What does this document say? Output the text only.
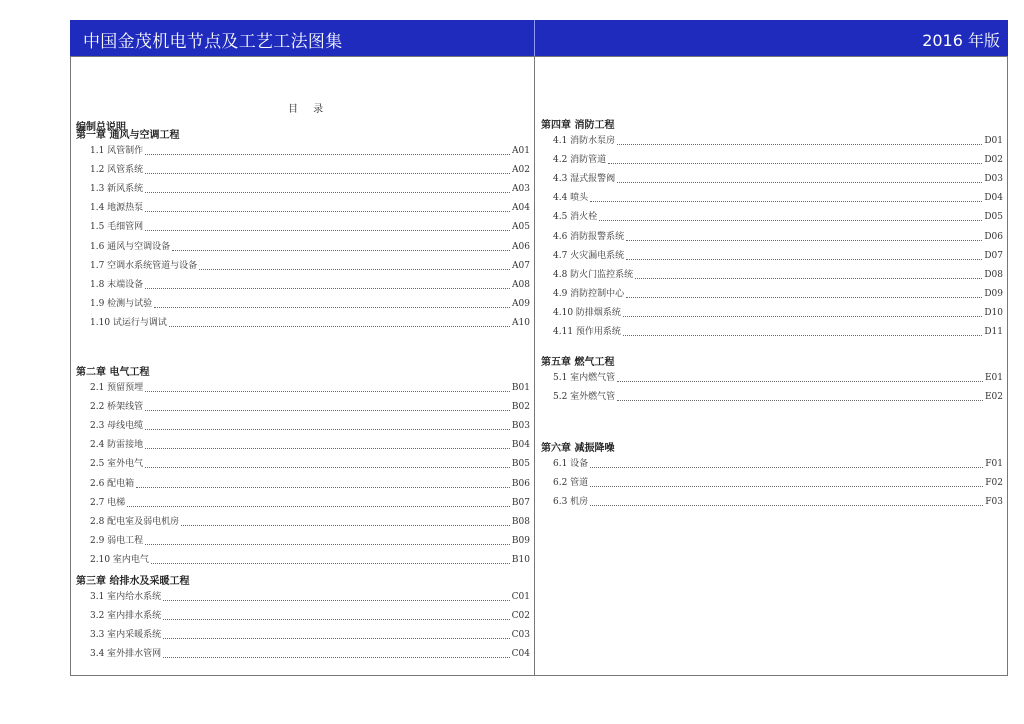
中国金茂机电节点及工艺工法图集	2016 年版
目 录
编制总说明
第一章 通风与空调工程
1.1 风管制作	A01
1.2 风管系统	A02
1.3 新风系统	A03
1.4 地源热泵	A04
1.5 毛细管网	A05
1.6 通风与空调设备	A06
1.7 空调水系统管道与设备	A07
1.8 末端设备	A08
1.9 检测与试验	A09
1.10 试运行与调试	A10
第二章 电气工程
2.1 预留预埋	B01
2.2 桥架线管	B02
2.3 母线电缆	B03
2.4 防雷接地	B04
2.5 室外电气	B05
2.6 配电箱	B06
2.7 电梯	B07
2.8 配电室及弱电机房	B08
2.9 弱电工程	B09
2.10 室内电气	B10
第三章 给排水及采暖工程
3.1 室内给水系统	C01
3.2 室内排水系统	C02
3.3 室内采暖系统	C03
3.4 室外排水管网	C04
第四章 消防工程
4.1 消防水泵房	D01
4.2 消防管道	D02
4.3 湿式报警阀	D03
4.4 喷头	D04
4.5 消火栓	D05
4.6 消防报警系统	D06
4.7 火灾漏电系统	D07
4.8 防火门监控系统	D08
4.9 消防控制中心	D09
4.10 防排烟系统	D10
4.11 预作用系统	D11
第五章 燃气工程
5.1 室内燃气管	E01
5.2 室外燃气管	E02
第六章 减振降噪
6.1 设备	F01
6.2 管道	F02
6.3 机房	F03
